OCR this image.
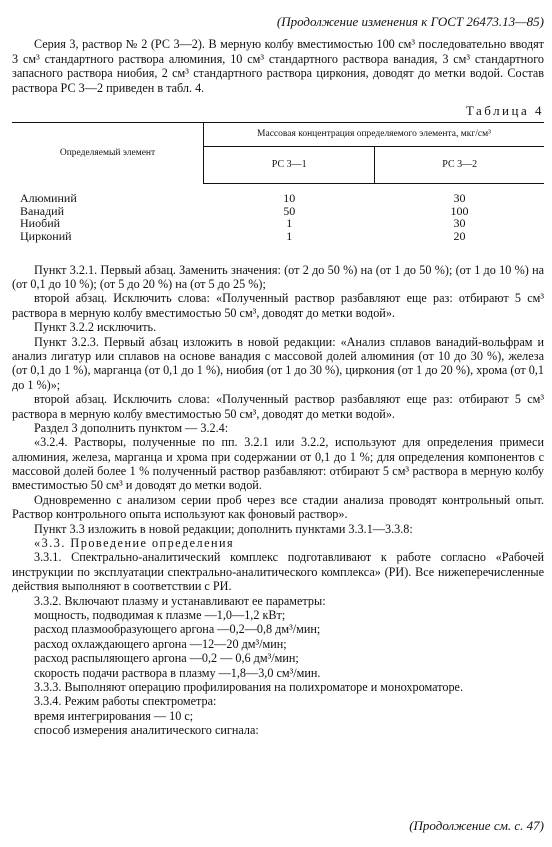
(Продолжение изменения к ГОСТ 26473.13—85)

Серия 3, раствор № 2 (РС 3—2). В мерную колбу вместимостью 100 см³ последовательно вводят 3 см³ стандартного раствора алюминия, 10 см³ стандартного раствора ванадия, 3 см³ стандартного запасного раствора ниобия, 2 см³ стандартного раствора циркония, доводят до метки водой. Состав раствора РС 3—2 приведен в табл. 4.

Таблица 4
Определяемый элемент	Массовая концентрация определяемого элемента, мкг/см³	
	РС 3—1	РС 3—2

Алюминий	10	30
Ванадий	50	100
Ниобий	1	30
Цирконий	1	20

Пункт 3.2.1. Первый абзац. Заменить значения: (от 2 до 50 %) на (от 1 до 50 %); (от 1 до 10 %) на (от 0,1 до 10 %); (от 5 до 20 %) на (от 5 до 25 %);

второй абзац. Исключить слова: «Полученный раствор разбавляют еще раз: отбирают 5 см³ раствора в мерную колбу вместимостью 50 см³, доводят до метки водой».

Пункт 3.2.2 исключить.

Пункт 3.2.3. Первый абзац изложить в новой редакции: «Анализ сплавов ванадий-вольфрам и анализ лигатур или сплавов на основе ванадия с массовой долей алюминия (от 10 до 30 %), железа (от 0,1 до 1 %), марганца (от 0,1 до 1 %), ниобия (от 1 до 30 %), циркония (от 1 до 20 %), хрома (от 0,1 до 1 %)»;

второй абзац. Исключить слова: «Полученный раствор разбавляют еще раз: отбирают 5 см³ раствора в мерную колбу вместимостью 50 см³, доводят до метки водой».

Раздел 3 дополнить пунктом — 3.2.4:

«3.2.4. Растворы, полученные по пп. 3.2.1 или 3.2.2, используют для определения примеси алюминия, железа, марганца и хрома при содержании от 0,1 до 1 %; для определения компонентов с массовой долей более 1 % полученный раствор разбавляют: отбирают 5 см³ раствора в мерную колбу вместимостью 50 см³ и доводят до метки водой.

Одновременно с анализом серии проб через все стадии анализа проводят контрольный опыт. Раствор контрольного опыта используют как фоновый раствор».

Пункт 3.3 изложить в новой редакции; дополнить пунктами 3.3.1—3.3.8:

«3.3. Проведение определения

3.3.1. Спектрально-аналитический комплекс подготавливают к работе согласно «Рабочей инструкции по эксплуатации спектрально-аналитического комплекса» (РИ). Все нижеперечисленные действия выполняют в соответствии с РИ.

3.3.2. Включают плазму и устанавливают ее параметры:

мощность, подводимая к плазме —1,0—1,2 кВт;

расход плазмообразующего аргона —0,2—0,8 дм³/мин;

расход охлаждающего аргона —12—20 дм³/мин;

расход распыляющего аргона —0,2 — 0,6 дм³/мин;

скорость подачи раствора в плазму —1,8—3,0 см³/мин.

3.3.3. Выполняют операцию профилирования на полихроматоре и монохроматоре.

3.3.4. Режим работы спектрометра:

время интегрирования — 10 с;

способ измерения аналитического сигнала:

(Продолжение см. с. 47)
